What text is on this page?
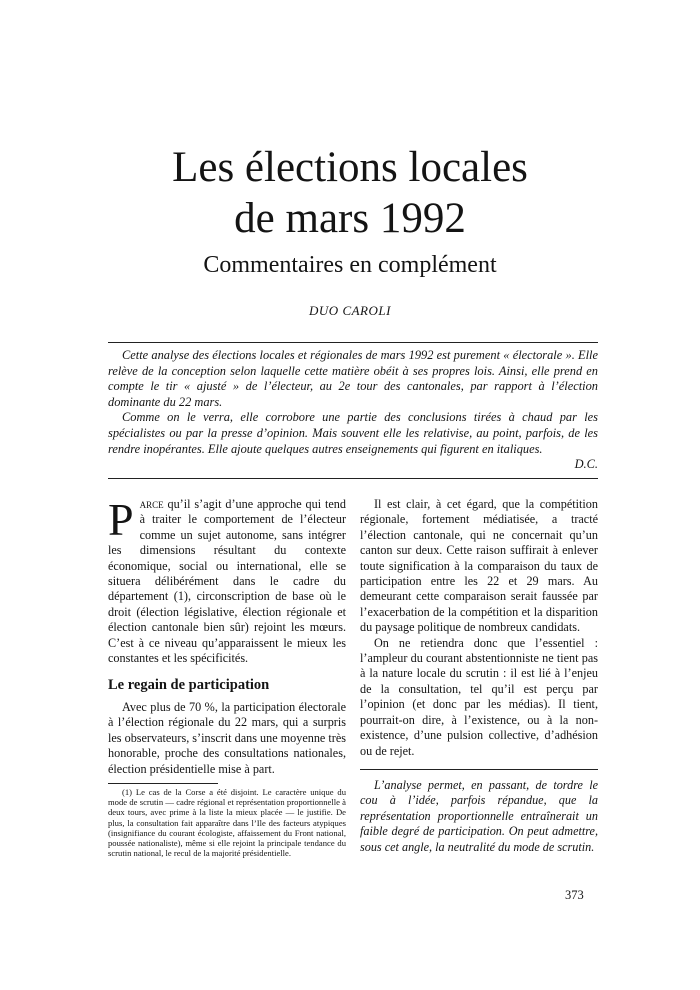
Les élections locales
de mars 1992
Commentaires en complément
DUO CAROLI

Cette analyse des élections locales et régionales de mars 1992 est purement « électorale ». Elle relève de la conception selon laquelle cette matière obéit à ses propres lois. Ainsi, elle prend en compte le tir « ajusté » de l’électeur, au 2e tour des cantonales, par rapport à l’élection dominante du 22 mars.

Comme on le verra, elle corrobore une partie des conclusions tirées à chaud par les spécialistes ou par la presse d’opinion. Mais souvent elle les relativise, au point, parfois, de les rendre inopérantes. Elle ajoute quelques autres enseignements qui figurent en italiques.

D.C.

Parce qu’il s’agit d’une approche qui tend à traiter le comportement de l’électeur comme un sujet autonome, sans intégrer les dimensions résultant du contexte économique, social ou international, elle se situera délibérément dans le cadre du département (1), circonscription de base où le droit (élection législative, élection régionale et élection cantonale bien sûr) rejoint les mœurs. C’est à ce niveau qu’apparaissent le mieux les constantes et les spécificités.

Le regain de participation

Avec plus de 70 %, la participation électorale à l’élection régionale du 22 mars, qui a surpris les observateurs, s’inscrit dans une moyenne très honorable, proche des consultations nationales, élection présidentielle mise à part.

(1) Le cas de la Corse a été disjoint. Le caractère unique du mode de scrutin — cadre régional et représentation proportionnelle à deux tours, avec prime à la liste la mieux placée — le justifie. De plus, la consultation fait apparaître dans l’Ile des facteurs atypiques (insignifiance du courant écologiste, affaissement du Front national, poussée nationaliste), même si elle rejoint la principale tendance du scrutin national, le recul de la majorité présidentielle.

Il est clair, à cet égard, que la compétition régionale, fortement médiatisée, a tracté l’élection cantonale, qui ne concernait qu’un canton sur deux. Cette raison suffirait à enlever toute signification à la comparaison du taux de participation entre les 22 et 29 mars. Au demeurant cette comparaison serait faussée par l’exacerbation de la compétition et la disparition du paysage politique de nombreux candidats.

On ne retiendra donc que l’essentiel : l’ampleur du courant abstentionniste ne tient pas à la nature locale du scrutin : il est lié à l’enjeu de la consultation, tel qu’il est perçu par l’opinion (et donc par les médias). Il tient, pourrait-on dire, à l’existence, ou à la non-existence, d’une pulsion collective, d’adhésion ou de rejet.

L’analyse permet, en passant, de tordre le cou à l’idée, parfois répandue, que la représentation proportionnelle entraînerait un faible degré de participation. On peut admettre, sous cet angle, la neutralité du mode de scrutin.

373
